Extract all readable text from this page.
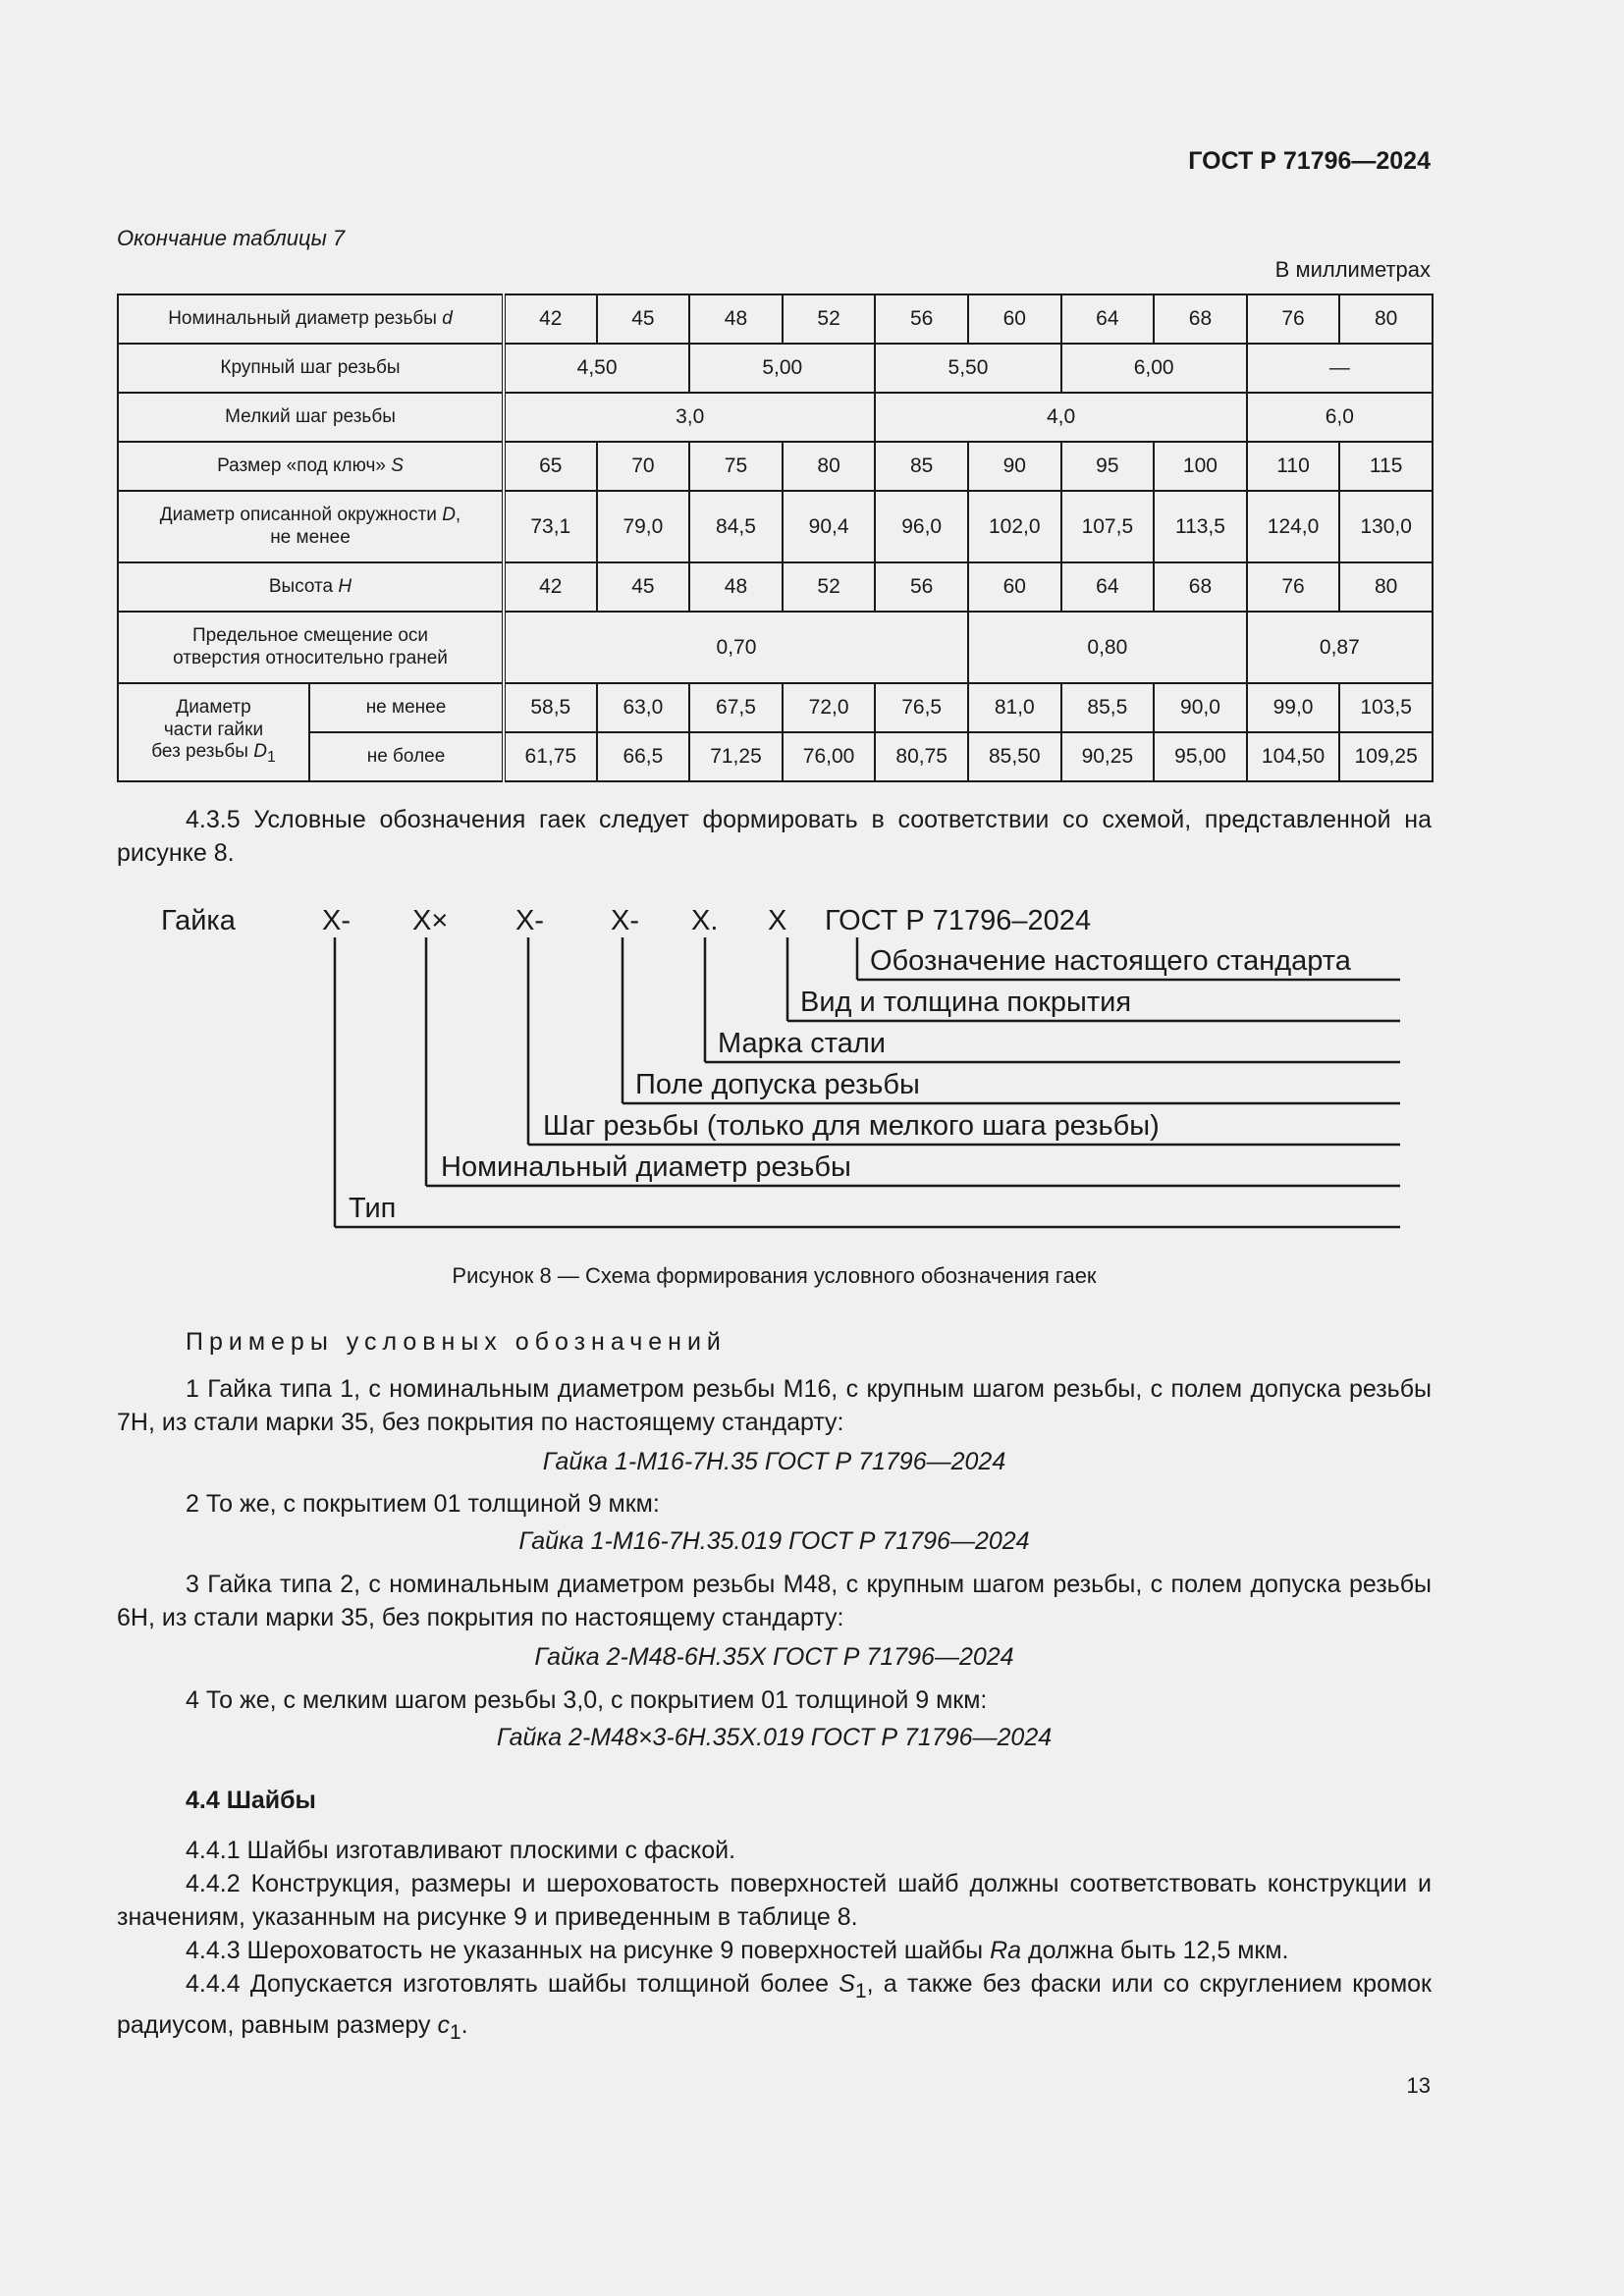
ГОСТ Р 71796—2024
Окончание таблицы 7
В миллиметрах
Номинальный диаметр резьбы d		42	45	48	52	56	60	64	68	76	80
Крупный шаг резьбы		4,50		5,00		5,50		6,00		—	
Мелкий шаг резьбы		3,0				4,0				6,0	
Размер «под ключ» S		65	70	75	80	85	90	95	100	110	115
Диаметр описанной окружности D,
не менее		73,1	79,0	84,5	90,4	96,0	102,0	107,5	113,5	124,0	130,0
Высота H		42	45	48	52	56	60	64	68	76	80
Предельное смещение оси
отверстия относительно граней		0,70					0,80			0,87	
Диаметр
части гайки
без резьбы $D_1$	не менее	58,5	63,0	67,5	72,0	76,5	81,0	85,5	90,0	99,0	103,5
	не более	61,75	66,5	71,25	76,00	80,75	85,50	90,25	95,00	104,50	109,25
4.3.5 Условные обозначения гаек следует формировать в соответствии со схемой, представленной на рисунке 8.
Гайка	X- X× X- X- X. X ГОСТ Р 71796–2024
Обозначение настоящего стандарта
Вид и толщина покрытия
Марка стали
Поле допуска резьбы
Шаг резьбы (только для мелкого шага резьбы)
Номинальный диаметр резьбы
Тип
Рисунок 8 — Схема формирования условного обозначения гаек
Примеры условных обозначений
1 Гайка типа 1, с номинальным диаметром резьбы М16, с крупным шагом резьбы, с полем допуска резьбы 7H, из стали марки 35, без покрытия по настоящему стандарту:
Гайка 1-М16-7Н.35 ГОСТ Р 71796—2024
2 То же, с покрытием 01 толщиной 9 мкм:
Гайка 1-М16-7Н.35.019 ГОСТ Р 71796—2024
3 Гайка типа 2, с номинальным диаметром резьбы М48, с крупным шагом резьбы, с полем допуска резьбы 6H, из стали марки 35, без покрытия по настоящему стандарту:
Гайка 2-М48-6Н.35Х ГОСТ Р 71796—2024
4 То же, с мелким шагом резьбы 3,0, с покрытием 01 толщиной 9 мкм:
Гайка 2-М48×3-6Н.35Х.019 ГОСТ Р 71796—2024
4.4 Шайбы
4.4.1 Шайбы изготавливают плоскими с фаской.
4.4.2 Конструкция, размеры и шероховатость поверхностей шайб должны соответствовать конструкции и значениям, указанным на рисунке 9 и приведенным в таблице 8.
4.4.3 Шероховатость не указанных на рисунке 9 поверхностей шайбы Ra должна быть 12,5 мкм.
4.4.4 Допускается изготовлять шайбы толщиной более $S_1$, а также без фаски или со скруглением кромок радиусом, равным размеру $c_1$.
13
